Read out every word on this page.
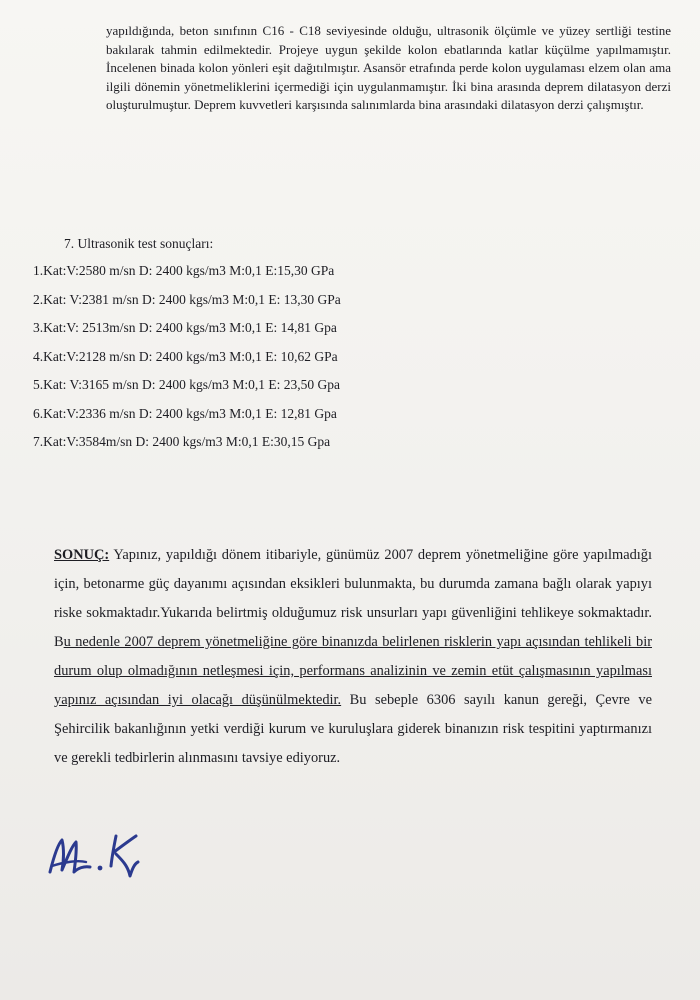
yapıldığında, beton sınıfının C16 - C18 seviyesinde olduğu, ultrasonik ölçümle ve yüzey sertliği testine bakılarak tahmin edilmektedir. Projeye uygun şekilde kolon ebatlarında katlar küçülme yapılmamıştır. İncelenen binada kolon yönleri eşit dağıtılmıştır. Asansör etrafında perde kolon uygulaması elzem olan ama ilgili dönemin yönetmeliklerini içermediği için uygulanmamıştır. İki bina arasında deprem dilatasyon derzi oluşturulmuştur. Deprem kuvvetleri karşısında salınımlarda bina arasındaki dilatasyon derzi çalışmıştır.

7. Ultrasonik test sonuçları:
1.Kat:V:2580 m/sn D: 2400 kgs/m3 M:0,1 E:15,30 GPa
2.Kat: V:2381 m/sn D: 2400 kgs/m3 M:0,1 E: 13,30 GPa
3.Kat:V: 2513m/sn D: 2400 kgs/m3 M:0,1 E: 14,81 Gpa
4.Kat:V:2128 m/sn D: 2400 kgs/m3 M:0,1 E: 10,62 GPa
5.Kat: V:3165 m/sn D: 2400 kgs/m3 M:0,1 E: 23,50 Gpa
6.Kat:V:2336 m/sn D: 2400 kgs/m3 M:0,1 E: 12,81 Gpa
7.Kat:V:3584m/sn D: 2400 kgs/m3 M:0,1 E:30,15 Gpa

SONUÇ: Yapınız, yapıldığı dönem itibariyle, günümüz 2007 deprem yönetmeliğine göre yapılmadığı için, betonarme güç dayanımı açısından eksikleri bulunmakta, bu durumda zamana bağlı olarak yapıyı riske sokmaktadır.Yukarıda belirtmiş olduğumuz risk unsurları yapı güvenliğini tehlikeye sokmaktadır. Bu nedenle 2007 deprem yönetmeliğine göre binanızda belirlenen risklerin yapı açısından tehlikeli bir durum olup olmadığının netleşmesi için, performans analizinin ve zemin etüt çalışmasının yapılması yapınız açısından iyi olacağı düşünülmektedir. Bu sebeple 6306 sayılı kanun gereği, Çevre ve Şehircilik bakanlığının yetki verdiği kurum ve kuruluşlara giderek binanızın risk tespitini yaptırmanızı ve gerekli tedbirlerin alınmasını tavsiye ediyoruz.
